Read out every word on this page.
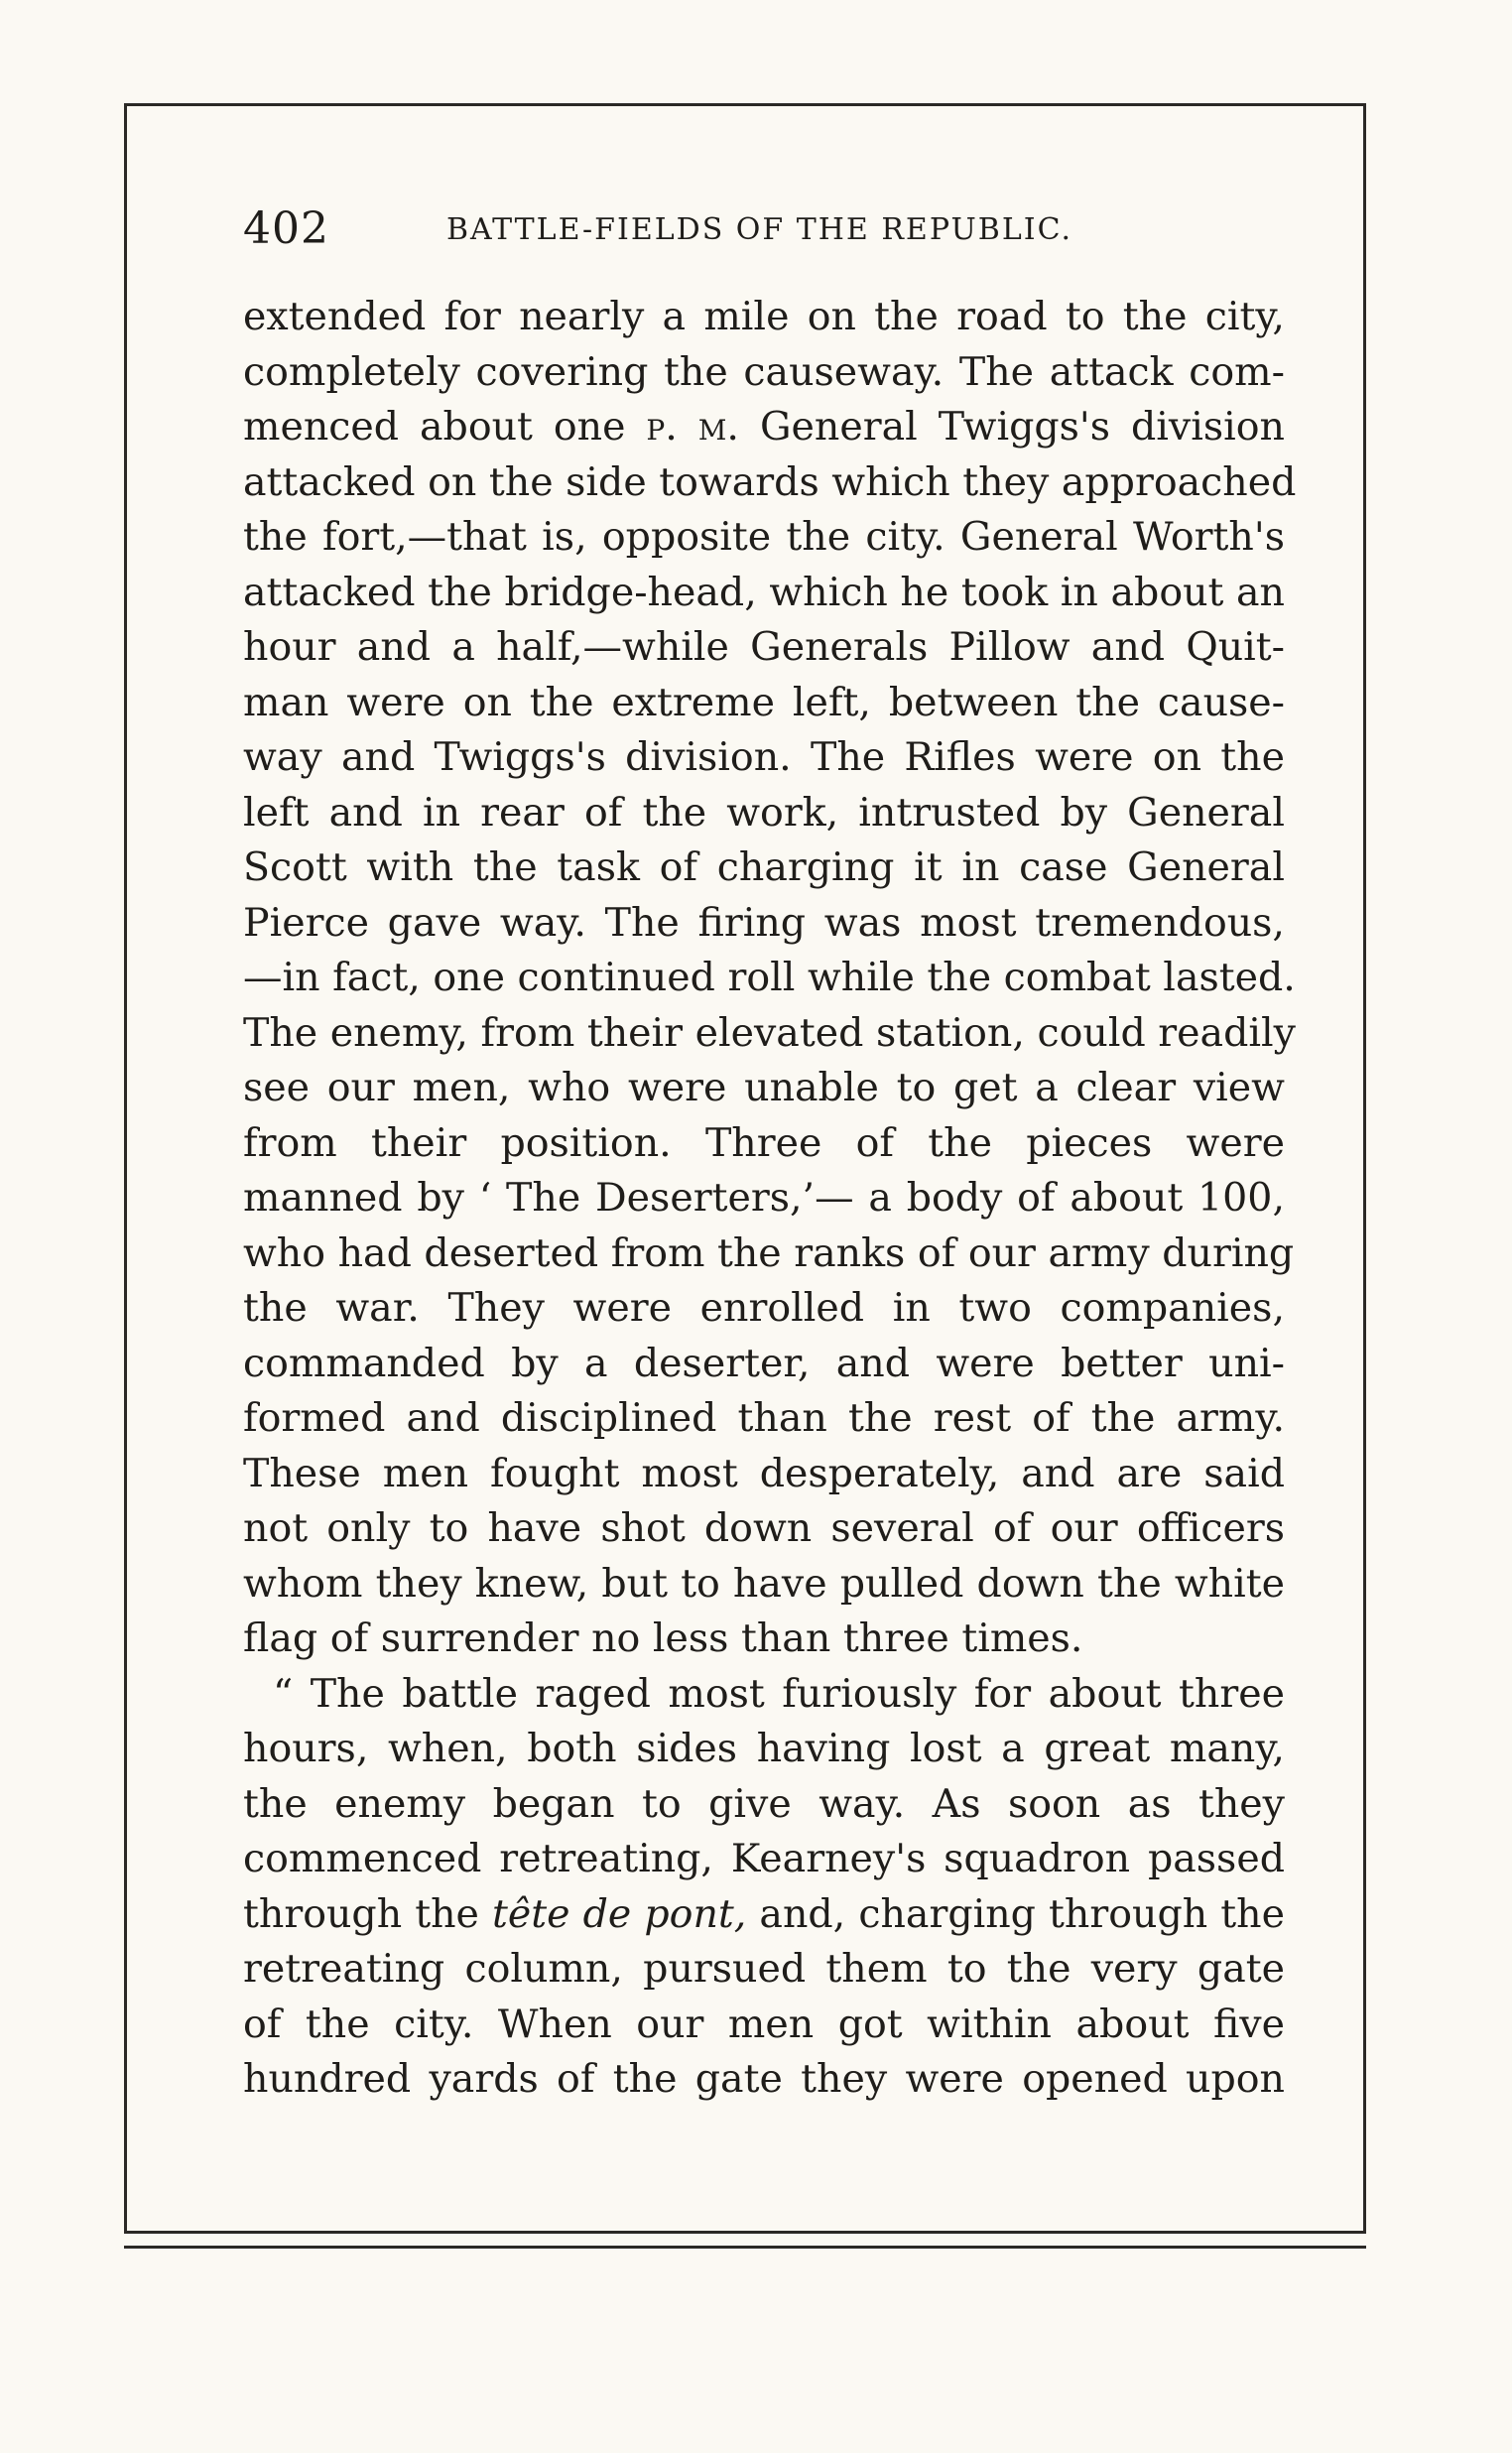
402	BATTLE-FIELDS OF THE REPUBLIC.
extended for nearly a mile on the road to the city,
completely covering the causeway. The attack com-
menced about one p. m. General Twiggs's division
attacked on the side towards which they approached
the fort,—that is, opposite the city. General Worth's
attacked the bridge-head, which he took in about an
hour and a half,—while Generals Pillow and Quit-
man were on the extreme left, between the cause-
way and Twiggs's division. The Rifles were on the
left and in rear of the work, intrusted by General
Scott with the task of charging it in case General
Pierce gave way. The firing was most tremendous,
—in fact, one continued roll while the combat lasted.
The enemy, from their elevated station, could readily
see our men, who were unable to get a clear view
from their position. Three of the pieces were
manned by ‘ The Deserters,’— a body of about 100,
who had deserted from the ranks of our army during
the war. They were enrolled in two companies,
commanded by a deserter, and were better uni-
formed and disciplined than the rest of the army.
These men fought most desperately, and are said
not only to have shot down several of our officers
whom they knew, but to have pulled down the white
flag of surrender no less than three times.
“ The battle raged most furiously for about three
hours, when, both sides having lost a great many,
the enemy began to give way. As soon as they
commenced retreating, Kearney's squadron passed
through the tête de pont, and, charging through the
retreating column, pursued them to the very gate
of the city. When our men got within about five
hundred yards of the gate they were opened upon
